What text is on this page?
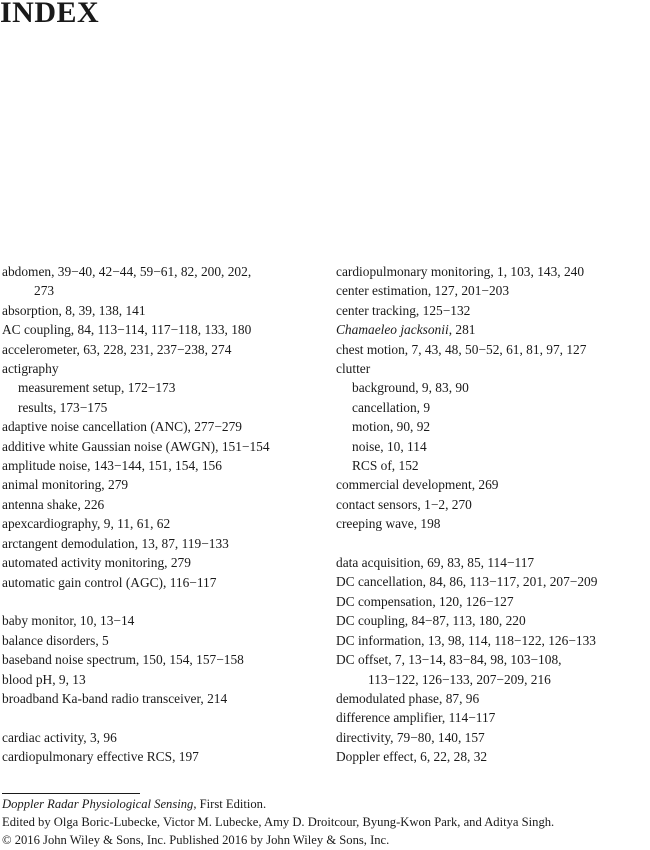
INDEX
abdomen, 39−40, 42−44, 59−61, 82, 200, 202,
273
absorption, 8, 39, 138, 141
AC coupling, 84, 113−114, 117−118, 133, 180
accelerometer, 63, 228, 231, 237−238, 274
actigraphy
measurement setup, 172−173
results, 173−175
adaptive noise cancellation (ANC), 277−279
additive white Gaussian noise (AWGN), 151−154
amplitude noise, 143−144, 151, 154, 156
animal monitoring, 279
antenna shake, 226
apexcardiography, 9, 11, 61, 62
arctangent demodulation, 13, 87, 119−133
automated activity monitoring, 279
automatic gain control (AGC), 116−117
baby monitor, 10, 13−14
balance disorders, 5
baseband noise spectrum, 150, 154, 157−158
blood pH, 9, 13
broadband Ka-band radio transceiver, 214
cardiac activity, 3, 96
cardiopulmonary effective RCS, 197
cardiopulmonary monitoring, 1, 103, 143, 240
center estimation, 127, 201−203
center tracking, 125−132
Chamaeleo jacksonii, 281
chest motion, 7, 43, 48, 50−52, 61, 81, 97, 127
clutter
background, 9, 83, 90
cancellation, 9
motion, 90, 92
noise, 10, 114
RCS of, 152
commercial development, 269
contact sensors, 1−2, 270
creeping wave, 198
data acquisition, 69, 83, 85, 114−117
DC cancellation, 84, 86, 113−117, 201, 207−209
DC compensation, 120, 126−127
DC coupling, 84−87, 113, 180, 220
DC information, 13, 98, 114, 118−122, 126−133
DC offset, 7, 13−14, 83−84, 98, 103−108,
113−122, 126−133, 207−209, 216
demodulated phase, 87, 96
difference amplifier, 114−117
directivity, 79−80, 140, 157
Doppler effect, 6, 22, 28, 32
Doppler Radar Physiological Sensing, First Edition.
Edited by Olga Boric-Lubecke, Victor M. Lubecke, Amy D. Droitcour, Byung-Kwon Park, and Aditya Singh.
© 2016 John Wiley & Sons, Inc. Published 2016 by John Wiley & Sons, Inc.
